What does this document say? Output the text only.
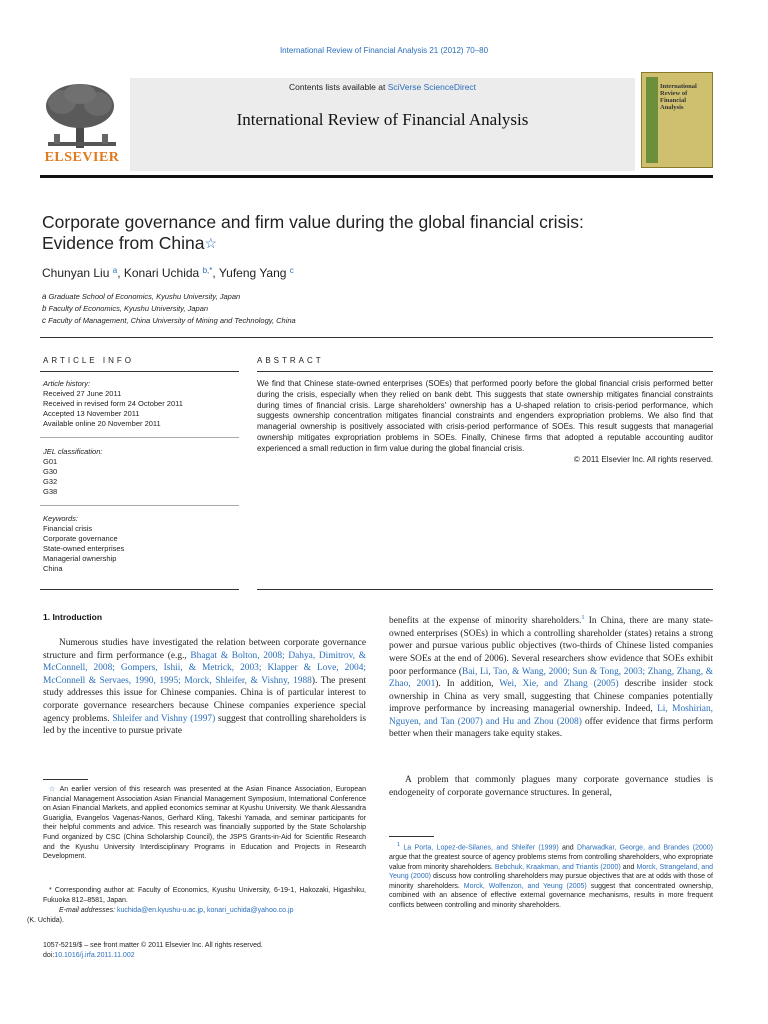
International Review of Financial Analysis 21 (2012) 70–80
Contents lists available at SciVerse ScienceDirect
International Review of Financial Analysis
ELSEVIER
International Review of Financial Analysis
Corporate governance and firm value during the global financial crisis:
Evidence from China☆
Chunyan Liu $^a$, Konari Uchida $^{b,*}$, Yufeng Yang $^c$
a Graduate School of Economics, Kyushu University, Japan
b Faculty of Economics, Kyushu University, Japan
c Faculty of Management, China University of Mining and Technology, China
ARTICLE INFO
Article history:
Received 27 June 2011
Received in revised form 24 October 2011
Accepted 13 November 2011
Available online 20 November 2011
JEL classification:
G01
G30
G32
G38
Keywords:
Financial crisis
Corporate governance
State-owned enterprises
Managerial ownership
China
ABSTRACT
We find that Chinese state-owned enterprises (SOEs) that performed poorly before the global financial crisis performed better during the crisis, especially when they relied on bank debt. This suggests that state ownership mitigates financial constraints during times of financial crisis. Large shareholders' ownership has a U-shaped relation to crisis-period performance, which suggests ownership concentration mitigates financial constraints and engenders expropriation problems. We also find that managerial ownership is positively associated with crisis-period performance of SOEs. This result suggests that managerial ownership mitigates expropriation problems in SOEs. Finally, Chinese firms that adopted a reputable accounting auditor experienced a small reduction in firm value during the global financial crisis.
© 2011 Elsevier Inc. All rights reserved.
1. Introduction
Numerous studies have investigated the relation between corporate governance structure and firm performance (e.g., Bhagat & Bolton, 2008; Dahya, Dimitrov, & McConnell, 2008; Gompers, Ishii, & Metrick, 2003; Klapper & Love, 2004; McConnell & Servaes, 1990, 1995; Morck, Shleifer, & Vishny, 1988). The present study addresses this issue for Chinese companies. China is of particular interest to corporate governance researchers because Chinese companies experience special agency problems. Shleifer and Vishny (1997) suggest that controlling shareholders is led by the incentive to pursue private
☆ An earlier version of this research was presented at the Asian Finance Association, European Financial Management Association Asian Financial Management Symposium, International Conference on Asian Financial Markets, and applied economics seminar at Kyushu University. We thank Alessandra Guariglia, Evangelos Vagenas-Nanos, Gerhard Kling, Takeshi Yamada, and seminar participants for their helpful comments and advice. This research was financially supported by the State Scholarship Fund organized by CSC (China Scholarship Council), the JSPS Grants-in-Aid for Scientific Research and the Kyushu University Interdisciplinary Programs in Education and Projects in Research Development.
* Corresponding author at: Faculty of Economics, Kyushu University, 6-19-1, Hakozaki, Higashiku, Fukuoka 812–8581, Japan.
E-mail addresses: kuchida@en.kyushu-u.ac.jp, konari_uchida@yahoo.co.jp
(K. Uchida).
benefits at the expense of minority shareholders.$^1$ In China, there are many state-owned enterprises (SOEs) in which a controlling shareholder (states) retains a strong power and pursue various public objectives (two-thirds of Chinese listed companies were SOEs at the end of 2006). Several researchers show evidence that SOEs exhibit poor performance (Bai, Li, Tao, & Wang, 2000; Sun & Tong, 2003; Zhang, Zhang, & Zhao, 2001). In addition, Wei, Xie, and Zhang (2005) describe insider stock ownership in China as very small, suggesting that Chinese companies potentially improve performance by increasing managerial ownership. Indeed, Li, Moshirian, Nguyen, and Tan (2007) and Hu and Zhou (2008) offer evidence that firms perform better when their managers take equity stakes.
A problem that commonly plagues many corporate governance studies is endogeneity of corporate governance structures. In general,
$^1$ La Porta, Lopez-de-Silanes, and Shleifer (1999) and Dharwadkar, George, and Brandes (2000) argue that the greatest source of agency problems stems from controlling shareholders, who expropriate value from minority shareholders. Bebchuk, Kraakman, and Triantis (2000) and Morck, Strangeland, and Yeung (2000) discuss how controlling shareholders may pursue objectives that are at odds with those of minority shareholders. Morck, Wolfenzon, and Yeung (2005) suggest that concentrated ownership, combined with an absence of effective external governance mechanisms, results in more frequent conflicts between controlling and minority shareholders.
1057-5219/$ – see front matter © 2011 Elsevier Inc. All rights reserved.
doi:10.1016/j.irfa.2011.11.002
